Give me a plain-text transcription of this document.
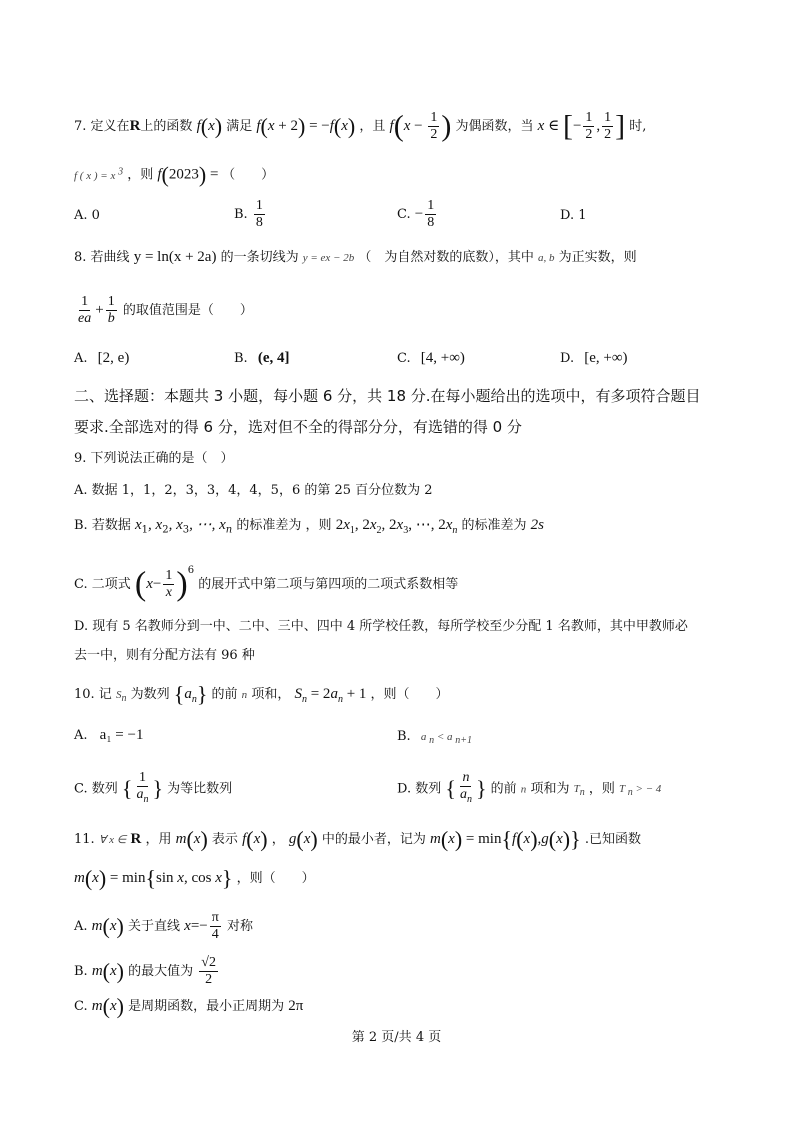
7. 定义在R上的函数 f(x) 满足 f(x + 2) = −f(x) ，且 $f(x - \frac{1}{2}$ ) 为偶函数，当 x ∈ [− $\frac{1}{2}$ , $\frac{1}{2}$ ] 时,
f ( x ) = x $^3$ ，则 f(2023) = （　　）
A. 0	B. $\frac{1}{8}$	C. − $\frac{1}{8}$	D. 1
8. 若曲线 y = ln(x + 2a) 的一条切线为 y = ex − 2b （　为自然对数的底数），其中 a, b 为正实数，则
$\frac{1}{ea} + \frac{1}{b}$ 的取值范围是（　　）
A. [2, e)	B. (e, 4]	C. [4, +∞)	D. [e, +∞)
二、选择题：本题共 3 小题，每小题 6 分，共 18 分.在每小题给出的选项中，有多项符合题目
要求.全部选对的得 6 分，选对但不全的得部分分，有选错的得 0 分
9. 下列说法正确的是（　）
A. 数据 1，1，2，3，3，4，4，5，6 的第 25 百分位数为 2
B. 若数据 $x_1$, $x_2$, $x_3$, ⋯, $x_n$ 的标准差为 ，则 $2x_1$, $2x_2$, $2x_3$, ⋯, $2x_n$ 的标准差为 2s
C. 二项式 $(x- \frac{1}{x} )^6$ 的展开式中第二项与第四项的二项式系数相等
D. 现有 5 名教师分到一中、二中、三中、四中 4 所学校任教，每所学校至少分配 1 名教师，其中甲教师必
去一中，则有分配方法有 96 种
10. 记 $S_n$ 为数列 $\{a_n\}$ 的前 n 项和， $S_n = 2a_n + 1$ ，则（　　）
A. a₁ = −1	B. a $_n$ < a $_{n+1}$
C. 数列 { $\frac{1}{a_n}$ } 为等比数列	D. 数列 { $\frac{n}{a_n}$ } 的前 n 项和为 $T_n$ ，则 T $_n$ > − 4
11. ∀ x ∈ R ，用 m(x) 表示 f(x) ， g(x) 中的最小者，记为 m(x) = min{f(x),g(x)} .已知函数
m(x) = min{sin x, cos x} ，则（　　）
A. m(x) 关于直线 $x=- \frac{\pi}{4}$ 对称
B. m(x) 的最大值为 $\frac{√2}{2}$
C. m(x) 是周期函数，最小正周期为 2π
第 2 页/共 4 页
